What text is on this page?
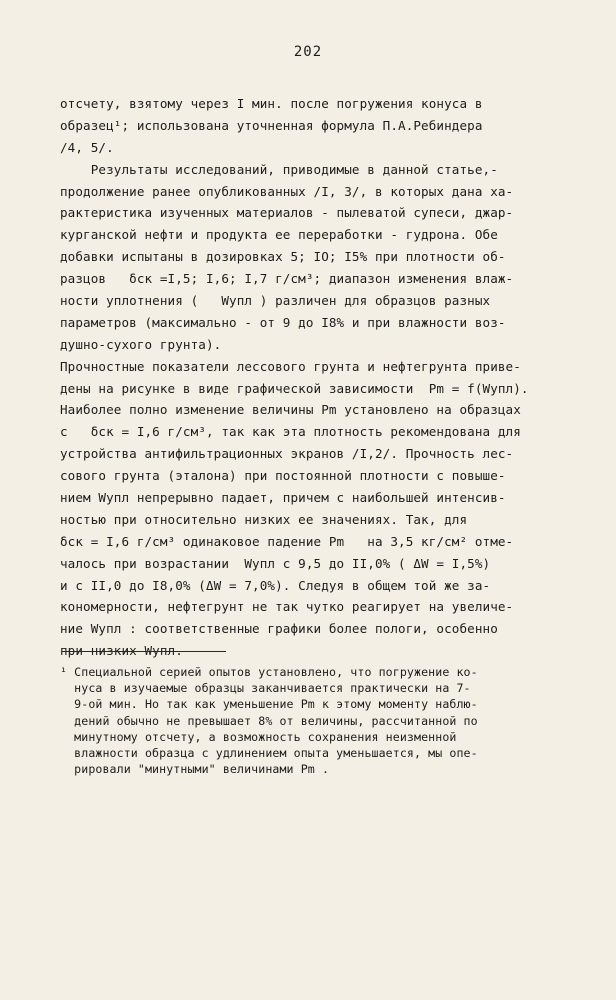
202
отсчету, взятому через I мин. после погружения конуса в
образец¹; использована уточненная формула П.А.Ребиндера
/4, 5/.
Результаты исследований, приводимые в данной статье,-
продолжение ранее опубликованных /I, 3/, в которых дана ха-
рактеристика изученных материалов - пылеватой супеси, джар-
курганской нефти и продукта ее переработки - гудрона. Обе
добавки испытаны в дозировках 5; IO; I5% при плотности об-
разцов   δск =I,5; I,6; I,7 г/см³; диапазон изменения влаж-
ности уплотнения (   Wупл ) различен для образцов разных
параметров (максимально - от 9 до I8% и при влажности воз-
душно-сухого грунта).
Прочностные показатели лессового грунта и нефтегрунта приве-
дены на рисунке в виде графической зависимости  Pm = f(Wупл).
Наиболее полно изменение величины Pm установлено на образцах
с   δск = I,6 г/см³, так как эта плотность рекомендована для
устройства антифильтрационных экранов /I,2/. Прочность лес-
сового грунта (эталона) при постоянной плотности с повыше-
нием Wупл непрерывно падает, причем с наибольшей интенсив-
ностью при относительно низких ее значениях. Так, для
δск = I,6 г/см³ одинаковое падение Pm   на 3,5 кг/см² отме-
чалось при возрастании  Wупл с 9,5 до II,0% ( ΔW = I,5%)
и с II,0 до I8,0% (ΔW = 7,0%). Следуя в общем той же за-
кономерности, нефтегрунт не так чутко реагирует на увеличе-
ние Wупл : соответственные графики более пологи, особенно
при низких Wупл.
¹ Специальной серией опытов установлено, что погружение ко-
нуса в изучаемые образцы заканчивается практически на 7-
9-ой мин. Но так как уменьшение Pm к этому моменту наблю-
дений обычно не превышает 8% от величины, рассчитанной по
минутному отсчету, а возможность сохранения неизменной
влажности образца с удлинением опыта уменьшается, мы опе-
рировали "минутными" величинами Pm .
